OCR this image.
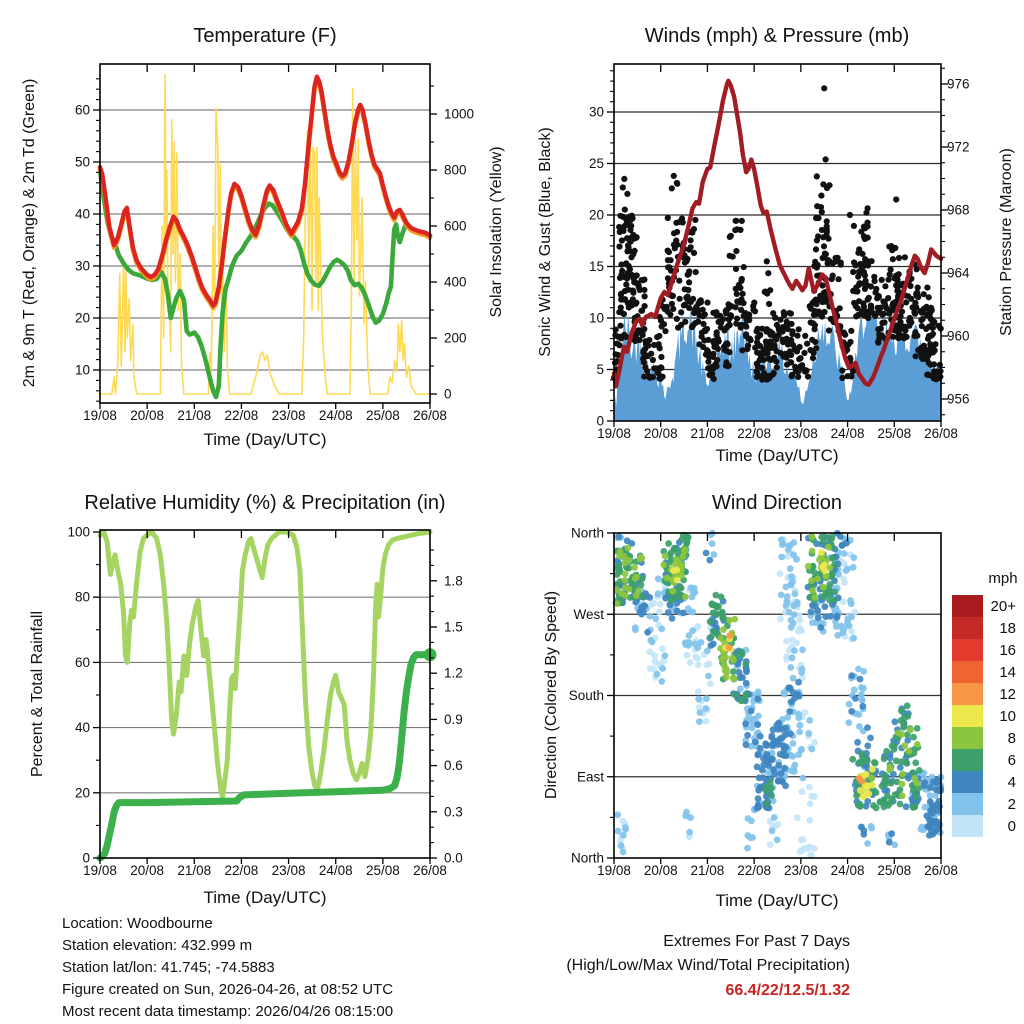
19/08 20/08 21/08 22/08 23/08 24/08 25/08 26/08
10
20
30
40
50
60
0
200
400
600
800
1000
19/08 20/08 21/08 22/08 23/08 24/08 25/08 26/08
0
5
10
15
20
25
30
956
960
964
968
972
976
19/08 20/08 21/08 22/08 23/08 24/08 25/08 26/08
0
20
40
60
80
100
0.0
0.3
0.6
0.9
1.2
1.5
1.8
19/08 20/08 21/08 22/08 23/08 24/08 25/08 26/08
North
West
South
East
North
20+
18
16
14
12
10
8
6
4
2
0
Temperature (F)	Winds (mph) & Pressure (mb)
Relative Humidity (%) & Precipitation (in)	Wind Direction
Time (Day/UTC)
Time (Day/UTC)
Time (Day/UTC)	Time (Day/UTC)
2m & 9m T (Red, Orange) & 2m Td (Green)	Solar Insolation (Yellow) Sonic Wind & Gust (Blue, Black)	Station Pressure (Maroon)
Percent & Total Rainfall	Direction (Colored By Speed)
mph
Location: Woodbourne
Station elevation: 432.999 m
Station lat/lon: 41.745; -74.5883
Figure created on Sun, 2026-04-26, at 08:52 UTC
Most recent data timestamp: 2026/04/26 08:15:00
Extremes For Past 7 Days
(High/Low/Max Wind/Total Precipitation)
66.4/22/12.5/1.32
